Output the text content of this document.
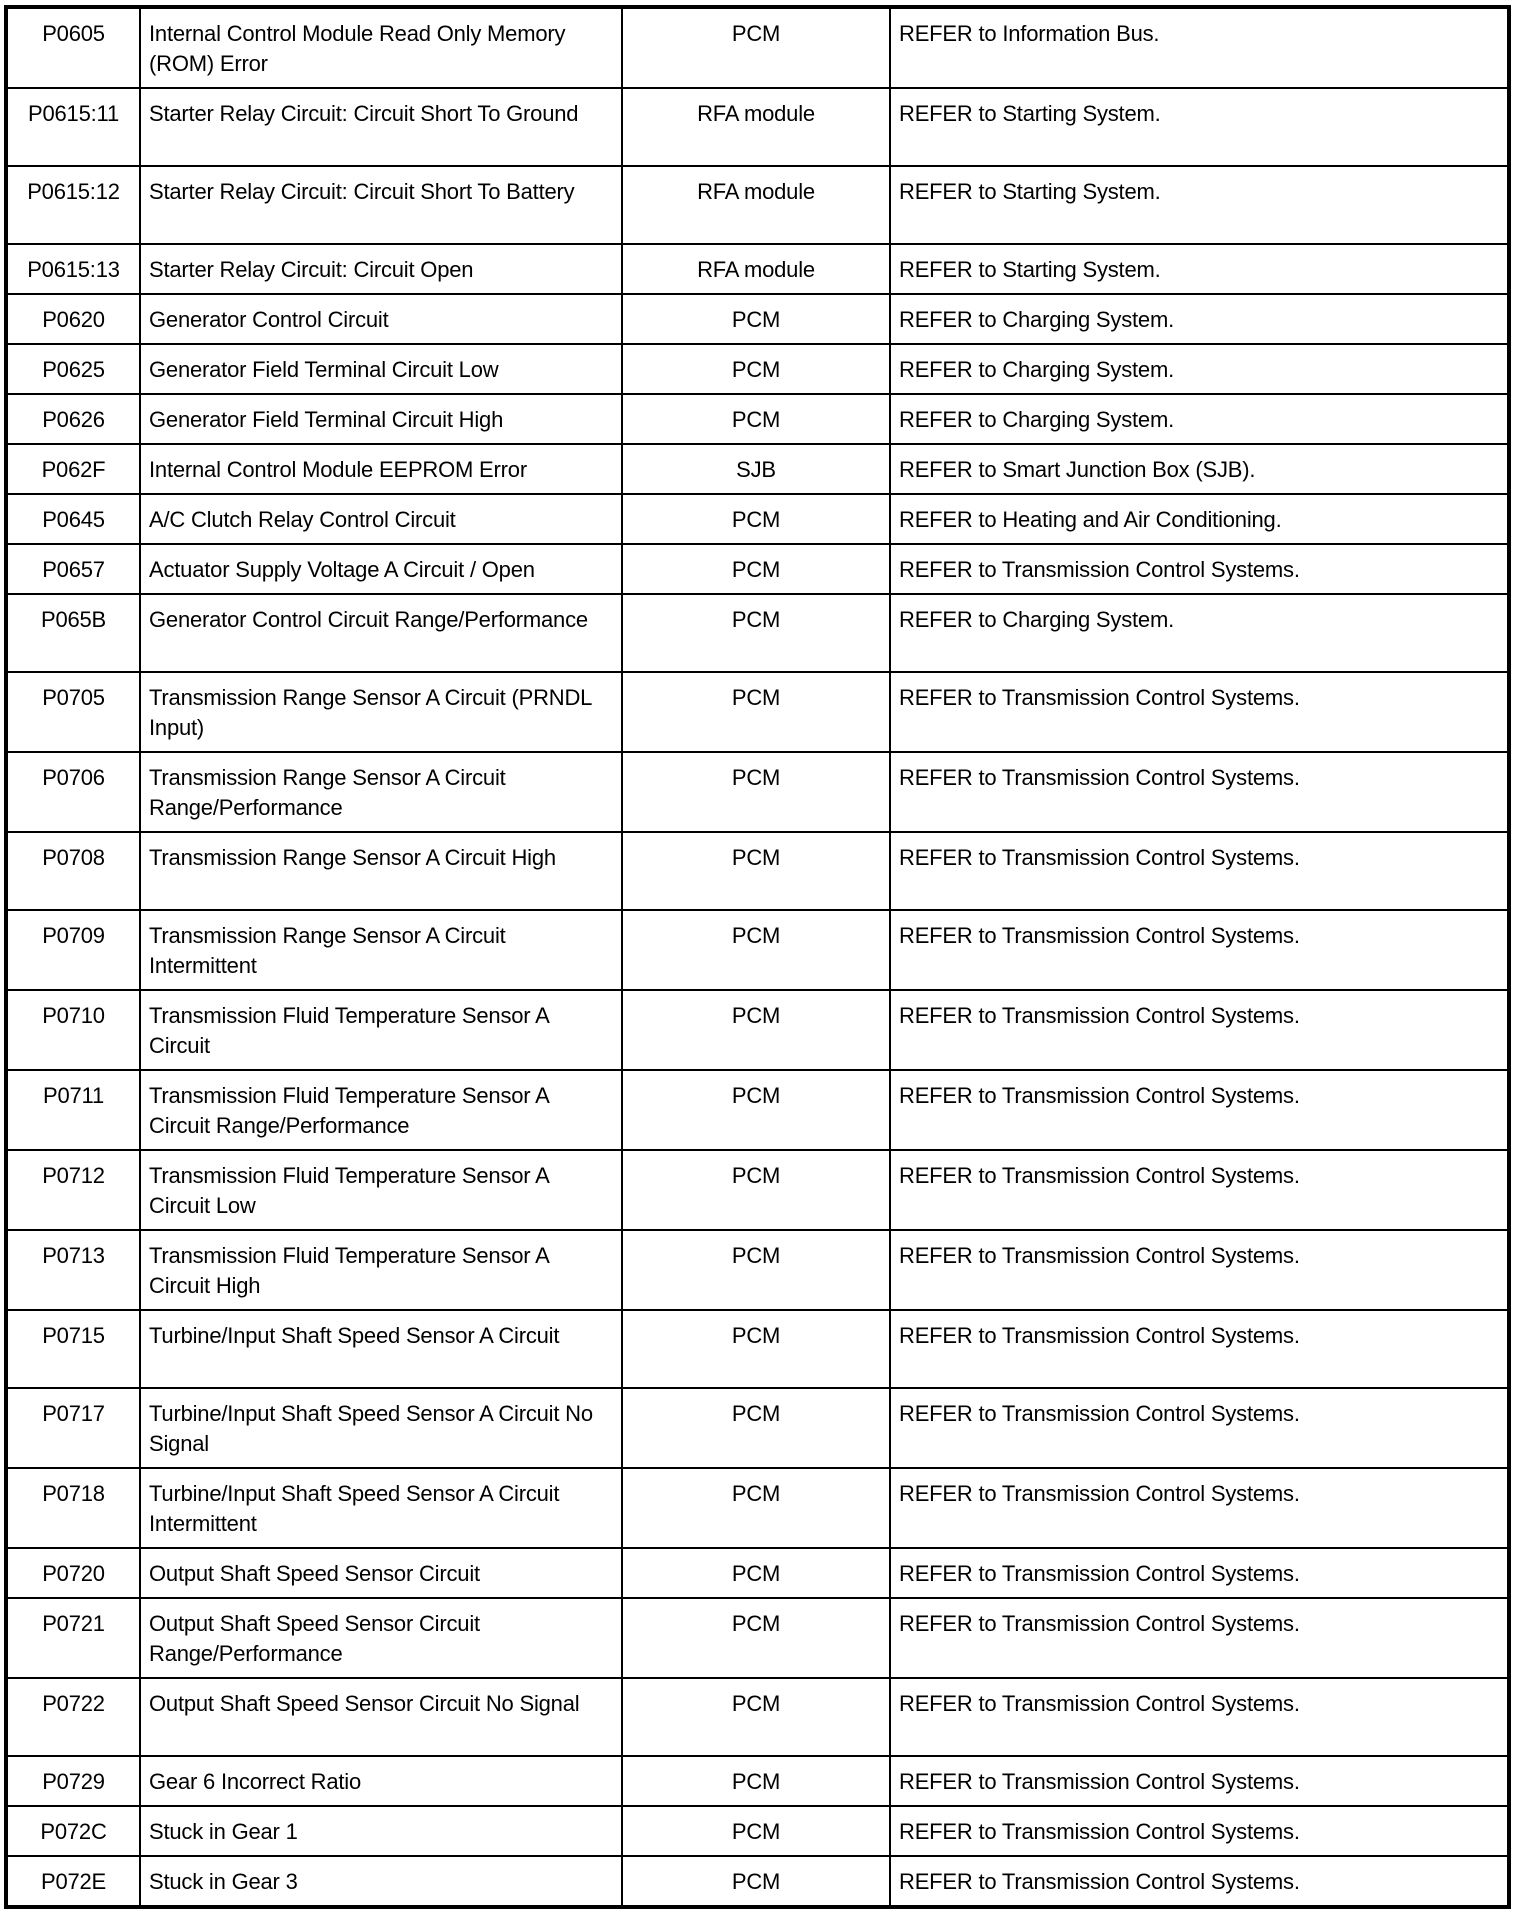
P0605	Internal Control Module Read Only Memory (ROM) Error	PCM	REFER to Information Bus.
P0615:11	Starter Relay Circuit: Circuit Short To Ground	RFA module	REFER to Starting System.
P0615:12	Starter Relay Circuit: Circuit Short To Battery	RFA module	REFER to Starting System.
P0615:13	Starter Relay Circuit: Circuit Open	RFA module	REFER to Starting System.
P0620	Generator Control Circuit	PCM	REFER to Charging System.
P0625	Generator Field Terminal Circuit Low	PCM	REFER to Charging System.
P0626	Generator Field Terminal Circuit High	PCM	REFER to Charging System.
P062F	Internal Control Module EEPROM Error	SJB	REFER to Smart Junction Box (SJB).
P0645	A/C Clutch Relay Control Circuit	PCM	REFER to Heating and Air Conditioning.
P0657	Actuator Supply Voltage A Circuit / Open	PCM	REFER to Transmission Control Systems.
P065B	Generator Control Circuit Range/Performance	PCM	REFER to Charging System.
P0705	Transmission Range Sensor A Circuit (PRNDL Input)	PCM	REFER to Transmission Control Systems.
P0706	Transmission Range Sensor A Circuit Range/Performance	PCM	REFER to Transmission Control Systems.
P0708	Transmission Range Sensor A Circuit High	PCM	REFER to Transmission Control Systems.
P0709	Transmission Range Sensor A Circuit Intermittent	PCM	REFER to Transmission Control Systems.
P0710	Transmission Fluid Temperature Sensor A Circuit	PCM	REFER to Transmission Control Systems.
P0711	Transmission Fluid Temperature Sensor A Circuit Range/Performance	PCM	REFER to Transmission Control Systems.
P0712	Transmission Fluid Temperature Sensor A Circuit Low	PCM	REFER to Transmission Control Systems.
P0713	Transmission Fluid Temperature Sensor A Circuit High	PCM	REFER to Transmission Control Systems.
P0715	Turbine/Input Shaft Speed Sensor A Circuit	PCM	REFER to Transmission Control Systems.
P0717	Turbine/Input Shaft Speed Sensor A Circuit No Signal	PCM	REFER to Transmission Control Systems.
P0718	Turbine/Input Shaft Speed Sensor A Circuit Intermittent	PCM	REFER to Transmission Control Systems.
P0720	Output Shaft Speed Sensor Circuit	PCM	REFER to Transmission Control Systems.
P0721	Output Shaft Speed Sensor Circuit Range/Performance	PCM	REFER to Transmission Control Systems.
P0722	Output Shaft Speed Sensor Circuit No Signal	PCM	REFER to Transmission Control Systems.
P0729	Gear 6 Incorrect Ratio	PCM	REFER to Transmission Control Systems.
P072C	Stuck in Gear 1	PCM	REFER to Transmission Control Systems.
P072E	Stuck in Gear 3	PCM	REFER to Transmission Control Systems.
